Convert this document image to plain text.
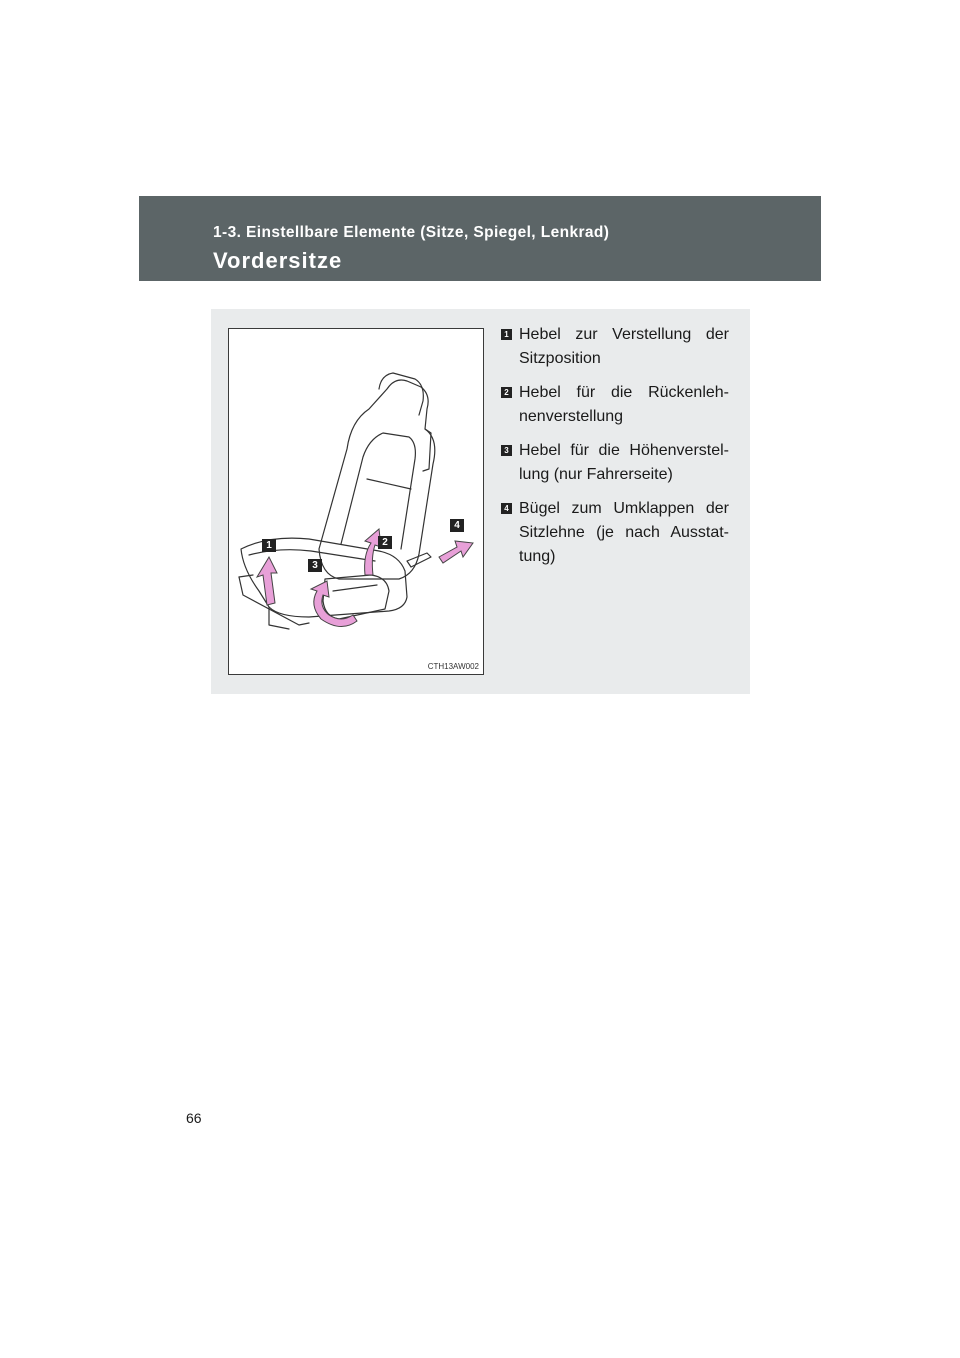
1-3. Einstellbare Elemente (Sitze, Spiegel, Lenkrad)
Vordersitze
1	2
3
4
CTH13AW002
1 Hebel zur Verstellung der Sitzposition
2 Hebel für die Rückenleh-nenverstellung
3 Hebel für die Höhenverstel-lung (nur Fahrerseite)
4 Bügel zum Umklappen der Sitzlehne (je nach Ausstat-tung)
66
